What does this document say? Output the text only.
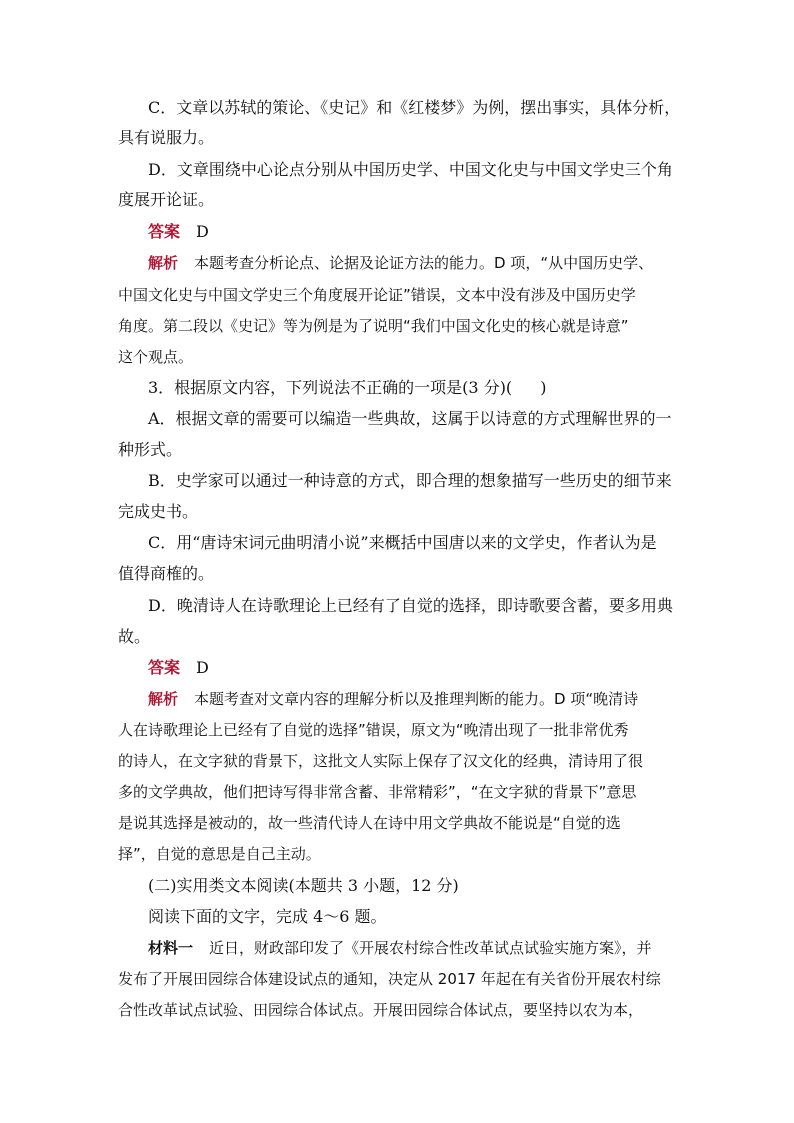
C．文章以苏轼的策论、《史记》和《红楼梦》为例，摆出事实，具体分析，
具有说服力。
D．文章围绕中心论点分别从中国历史学、中国文化史与中国文学史三个角
度展开论证。
答案 D
解析 本题考查分析论点、论据及论证方法的能力。D 项，“从中国历史学、
中国文化史与中国文学史三个角度展开论证”错误，文本中没有涉及中国历史学
角度。第二段以《史记》等为例是为了说明“我们中国文化史的核心就是诗意”
这个观点。
3．根据原文内容，下列说法不正确的一项是(3 分)( )
A．根据文章的需要可以编造一些典故，这属于以诗意的方式理解世界的一
种形式。
B．史学家可以通过一种诗意的方式，即合理的想象描写一些历史的细节来
完成史书。
C．用“唐诗宋词元曲明清小说”来概括中国唐以来的文学史，作者认为是
值得商榷的。
D．晚清诗人在诗歌理论上已经有了自觉的选择，即诗歌要含蓄，要多用典
故。
答案 D
解析 本题考查对文章内容的理解分析以及推理判断的能力。D 项“晚清诗
人在诗歌理论上已经有了自觉的选择”错误，原文为“晚清出现了一批非常优秀
的诗人，在文字狱的背景下，这批文人实际上保存了汉文化的经典，清诗用了很
多的文学典故，他们把诗写得非常含蓄、非常精彩”，“在文字狱的背景下”意思
是说其选择是被动的，故一些清代诗人在诗中用文学典故不能说是“自觉的选
择”，自觉的意思是自己主动。
(二)实用类文本阅读(本题共 3 小题，12 分)
阅读下面的文字，完成 4～6 题。
材料一 近日，财政部印发了《开展农村综合性改革试点试验实施方案》，并
发布了开展田园综合体建设试点的通知，决定从 2017 年起在有关省份开展农村综
合性改革试点试验、田园综合体试点。开展田园综合体试点，要坚持以农为本，
